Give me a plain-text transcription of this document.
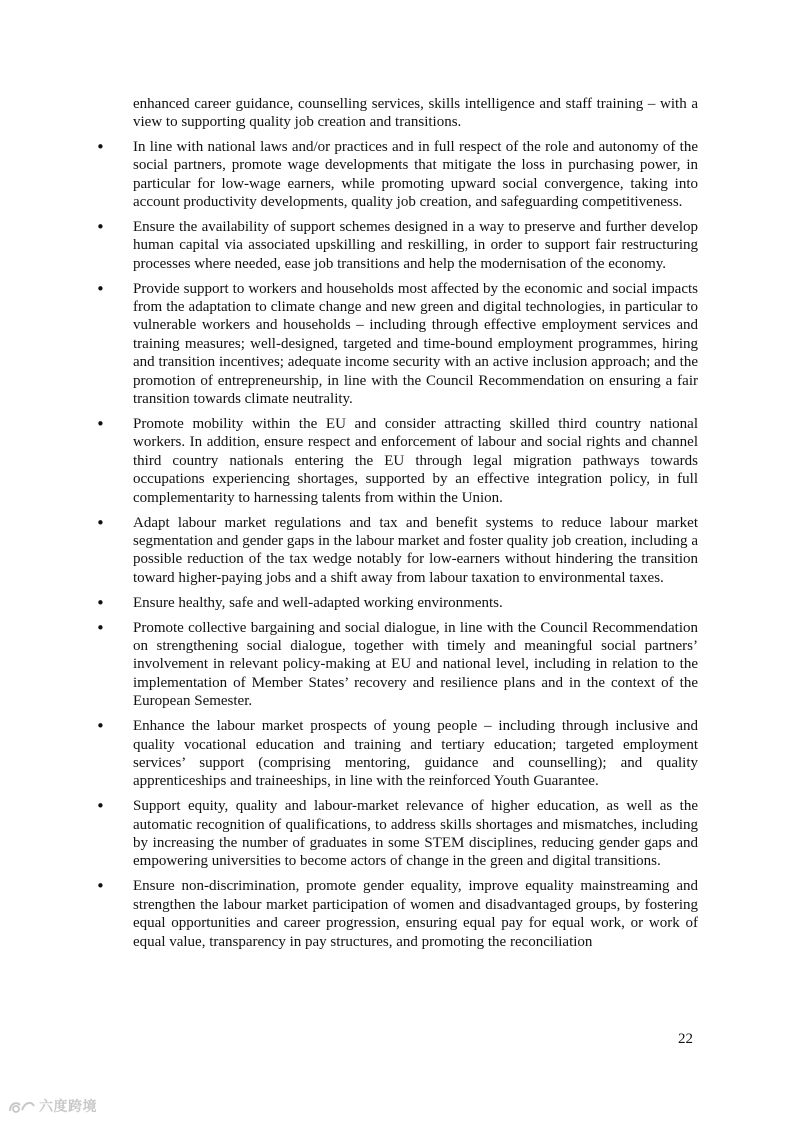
enhanced career guidance, counselling services, skills intelligence and staff training – with a view to supporting quality job creation and transitions.

• In line with national laws and/or practices and in full respect of the role and autonomy of the social partners, promote wage developments that mitigate the loss in purchasing power, in particular for low-wage earners, while promoting upward social convergence, taking into account productivity developments, quality job creation, and safeguarding competitiveness.

• Ensure the availability of support schemes designed in a way to preserve and further develop human capital via associated upskilling and reskilling, in order to support fair restructuring processes where needed, ease job transitions and help the modernisation of the economy.

• Provide support to workers and households most affected by the economic and social impacts from the adaptation to climate change and new green and digital technologies, in particular to vulnerable workers and households – including through effective employment services and training measures; well-designed, targeted and time-bound employment programmes, hiring and transition incentives; adequate income security with an active inclusion approach; and the promotion of entrepreneurship, in line with the Council Recommendation on ensuring a fair transition towards climate neutrality.

• Promote mobility within the EU and consider attracting skilled third country national workers. In addition, ensure respect and enforcement of labour and social rights and channel third country nationals entering the EU through legal migration pathways towards occupations experiencing shortages, supported by an effective integration policy, in full complementarity to harnessing talents from within the Union.

• Adapt labour market regulations and tax and benefit systems to reduce labour market segmentation and gender gaps in the labour market and foster quality job creation, including a possible reduction of the tax wedge notably for low-earners without hindering the transition toward higher-paying jobs and a shift away from labour taxation to environmental taxes.

• Ensure healthy, safe and well-adapted working environments.

• Promote collective bargaining and social dialogue, in line with the Council Recommendation on strengthening social dialogue, together with timely and meaningful social partners’ involvement in relevant policy-making at EU and national level, including in relation to the implementation of Member States’ recovery and resilience plans and in the context of the European Semester.

• Enhance the labour market prospects of young people – including through inclusive and quality vocational education and training and tertiary education; targeted employment services’ support (comprising mentoring, guidance and counselling); and quality apprenticeships and traineeships, in line with the reinforced Youth Guarantee.

• Support equity, quality and labour-market relevance of higher education, as well as the automatic recognition of qualifications, to address skills shortages and mismatches, including by increasing the number of graduates in some STEM disciplines, reducing gender gaps and empowering universities to become actors of change in the green and digital transitions.

• Ensure non-discrimination, promote gender equality, improve equality mainstreaming and strengthen the labour market participation of women and disadvantaged groups, by fostering equal opportunities and career progression, ensuring equal pay for equal work, or work of equal value, transparency in pay structures, and promoting the reconciliation

22
六度跨境
